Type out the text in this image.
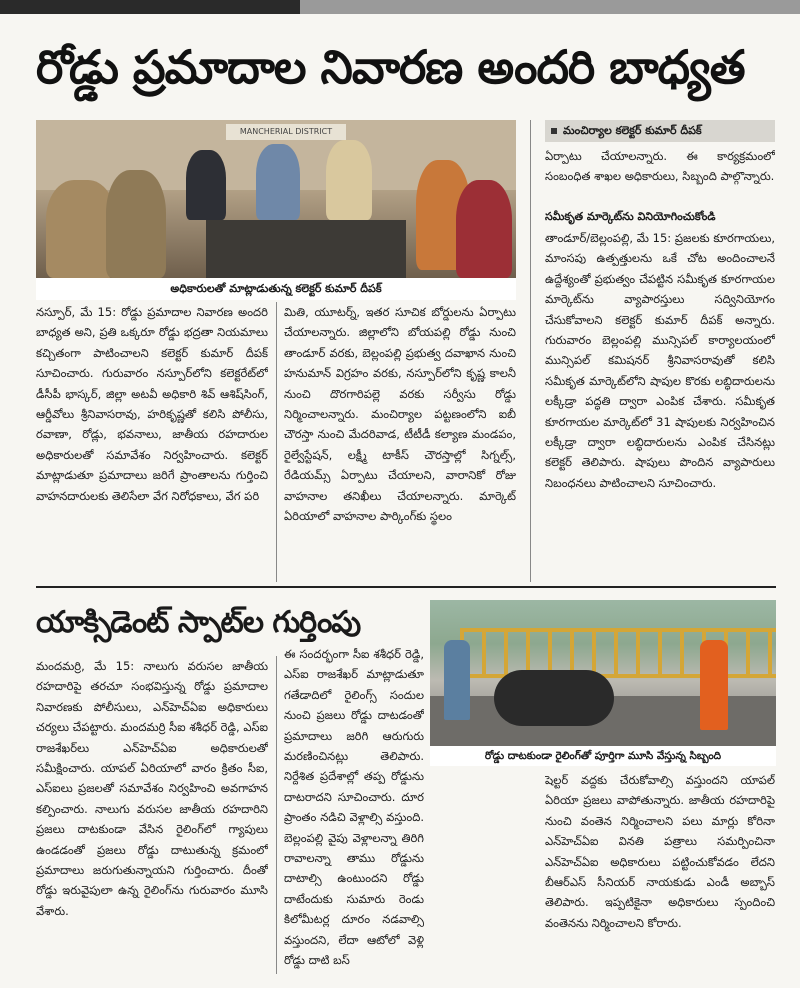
రోడ్డు ప్రమాదాల నివారణ అందరి బాధ్యత
MANCHERIAL DISTRICT
అధికారులతో మాట్లాడుతున్న కలెక్టర్ కుమార్ దీపక్
మంచిర్యాల కలెక్టర్ కుమార్ దీపక్

నస్పూర్, మే 15: రోడ్డు ప్రమాదాల నివారణ అందరి బాధ్యత అని, ప్రతి ఒక్కరూ రోడ్డు భద్రతా నియమాలు కచ్చితంగా పాటించాలని కలెక్టర్ కుమార్ దీపక్ సూచించారు. గురువారం నస్పూర్‌లోని కలెక్టరేట్‌లో డీసీపీ భాస్కర్, జిల్లా అటవీ అధికారి శివ్ ఆశిష్‌సింగ్, ఆర్డీవోలు శ్రీనివాసరావు, హరికృష్ణతో కలిసి పోలీసు, రవాణా, రోడ్లు, భవనాలు, జాతీయ రహదారుల అధికారులతో సమావేశం నిర్వహించారు. కలెక్టర్ మాట్లాడుతూ ప్రమాదాలు జరిగే ప్రాంతాలను గుర్తించి వాహనదారులకు తెలిసేలా వేగ నిరోధకాలు, వేగ పరి

మితి, యూటర్న్, ఇతర సూచిక బోర్డులను ఏర్పాటు చేయాలన్నారు. జిల్లాలోని బోయపల్లి రోడ్డు నుంచి తాండూర్ వరకు, బెల్లంపల్లి ప్రభుత్వ దవాఖాన నుంచి హనుమాన్ విగ్రహం వరకు, నస్పూర్‌లోని కృష్ణ కాలనీ నుంచి దొరగారిపల్లె వరకు సర్వీసు రోడ్డు నిర్మించాలన్నారు. మంచిర్యాల పట్టణంలోని ఐబీ చౌరస్తా నుంచి మేదరివాడ, టీటీడీ కల్యాణ మండపం, రైల్వేస్టేషన్, లక్ష్మీ టాకీస్ చౌరస్తాల్లో సిగ్నల్స్, రేడియమ్స్ ఏర్పాటు చేయాలని, వారానికో రోజు వాహనాల తనిఖీలు చేయాలన్నారు. మార్కెట్ ఏరియాలో వాహనాల పార్కింగ్‌కు స్థలం

ఏర్పాటు చేయాలన్నారు. ఈ కార్యక్రమంలో సంబంధిత శాఖల అధికారులు, సిబ్బంది పాల్గొన్నారు.

సమీకృత మార్కెట్‌ను వినియోగించుకోండి

తాండూర్/బెల్లంపల్లి, మే 15: ప్రజలకు కూరగాయలు, మాంసపు ఉత్పత్తులను ఒకే చోట అందించాలనే ఉద్దేశ్యంతో ప్రభుత్వం చేపట్టిన సమీకృత కూరగాయల మార్కెట్‌ను వ్యాపారస్తులు సద్వినియోగం చేసుకోవాలని కలెక్టర్ కుమార్ దీపక్ అన్నారు. గురువారం బెల్లంపల్లి మున్సిపల్ కార్యాలయంలో మున్సిపల్ కమిషనర్ శ్రీనివాసరావుతో కలిసి సమీకృత మార్కెట్‌లోని షాపుల కొరకు లబ్ధిదారులను లక్కీడ్రా పద్ధతి ద్వారా ఎంపిక చేశారు. సమీకృత కూరగాయల మార్కెట్‌లో 31 షాపులకు నిర్వహించిన లక్కీడ్రా ద్వారా లబ్ధిదారులను ఎంపిక చేసినట్లు కలెక్టర్ తెలిపారు. షాపులు పొందిన వ్యాపారులు నిబంధనలు పాటించాలని సూచించారు.

యాక్సిడెంట్ స్పాట్‌ల గుర్తింపు
రోడ్డు దాటకుండా రైలింగ్‌తో పూర్తిగా మూసి వేస్తున్న సిబ్బంది

మందమర్రి, మే 15: నాలుగు వరుసల జాతీయ రహదారిపై తరచూ సంభవిస్తున్న రోడ్డు ప్రమాదాల నివారణకు పోలీసులు, ఎన్‌హెచ్‌ఏఐ అధికారులు చర్యలు చేపట్టారు. మందమర్రి సీఐ శశీధర్ రెడ్డి, ఎస్ఐ రాజశేఖర్‌లు ఎన్‌హెచ్‌ఏఐ అధికారులతో సమీక్షించారు. యాపల్ ఏరియాలో వారం క్రితం సీఐ, ఎస్ఐలు ప్రజలతో సమావేశం నిర్వహించి అవగాహన కల్పించారు. నాలుగు వరుసల జాతీయ రహదారిని ప్రజలు దాటకుండా వేసిన రైలింగ్‌లో గ్యాపులు ఉండడంతో ప్రజలు రోడ్డు దాటుతున్న క్రమంలో ప్రమాదాలు జరుగుతున్నాయని గుర్తించారు. దీంతో రోడ్డు ఇరువైపులా ఉన్న రైలింగ్‌ను గురువారం మూసి వేశారు.

ఈ సందర్భంగా సీఐ శశీధర్ రెడ్డి, ఎస్ఐ రాజశేఖర్ మాట్లాడుతూ గతేడాదిలో రైలింగ్స్ సందుల నుంచి ప్రజలు రోడ్డు దాటడంతో ప్రమాదాలు జరిగి ఆరుగురు మరణించినట్లు తెలిపారు. నిర్దేశిత ప్రదేశాల్లో తప్ప రోడ్డును దాటరాదని సూచించారు. దూర ప్రాంతం నడిచి వెళ్లాల్సి వస్తుంది. బెల్లంపల్లి వైపు వెళ్లాలన్నా తిరిగి రావాలన్నా తాము రోడ్డును దాటాల్సి ఉంటుందని రోడ్డు దాటేందుకు సుమారు రెండు కిలోమీటర్ల దూరం నడవాల్సి వస్తుందని, లేదా ఆటోలో వెళ్లి రోడ్డు దాటి బస్

షెల్టర్ వద్దకు చేరుకోవాల్సి వస్తుందని యాపల్ ఏరియా ప్రజలు వాపోతున్నారు. జాతీయ రహదారిపై నుంచి వంతెన నిర్మించాలని పలు మార్లు కోరినా ఎన్‌హెచ్‌ఏఐ వినతి పత్రాలు సమర్పించినా ఎన్‌హెచ్‌ఏఐ అధికారులు పట్టించుకోవడం లేదని బీఆర్ఎస్ సీనియర్ నాయకుడు ఎండీ అబ్బాస్ తెలిపారు. ఇప్పటికైనా అధికారులు స్పందించి వంతెనను నిర్మించాలని కోరారు.
